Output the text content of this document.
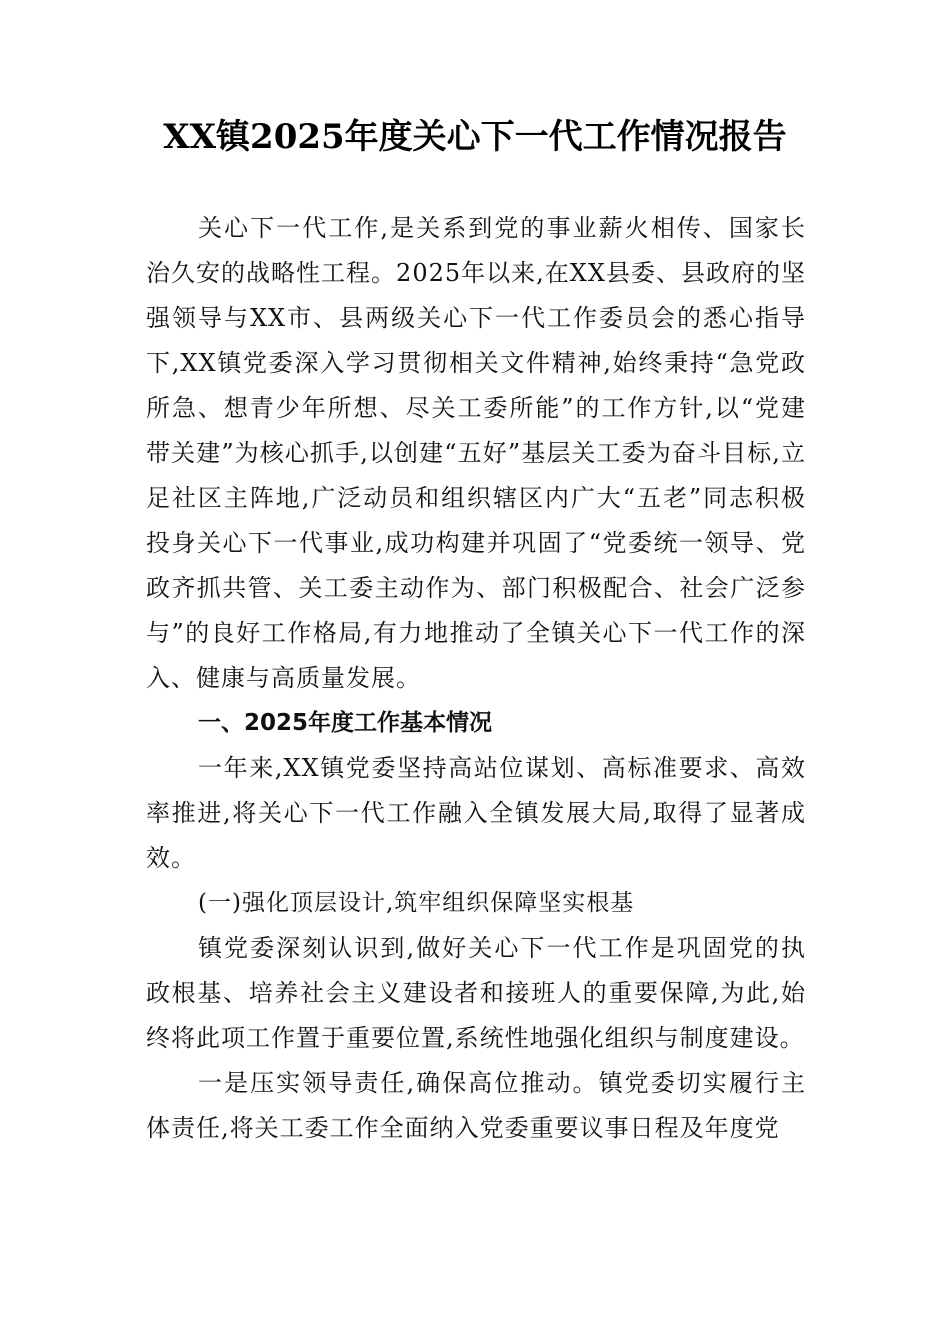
XX镇2025年度关心下一代工作情况报告

关心下一代工作,是关系到党的事业薪火相传、国家长治久安的战略性工程。2025年以来,在XX县委、县政府的坚强领导与XX市、县两级关心下一代工作委员会的悉心指导下,XX镇党委深入学习贯彻相关文件精神,始终秉持“急党政所急、想青少年所想、尽关工委所能”的工作方针,以“党建带关建”为核心抓手,以创建“五好”基层关工委为奋斗目标,立足社区主阵地,广泛动员和组织辖区内广大“五老”同志积极投身关心下一代事业,成功构建并巩固了“党委统一领导、党政齐抓共管、关工委主动作为、部门积极配合、社会广泛参与”的良好工作格局,有力地推动了全镇关心下一代工作的深入、健康与高质量发展。

一、2025年度工作基本情况

一年来,XX镇党委坚持高站位谋划、高标准要求、高效率推进,将关心下一代工作融入全镇发展大局,取得了显著成效。

(一)强化顶层设计,筑牢组织保障坚实根基

镇党委深刻认识到,做好关心下一代工作是巩固党的执政根基、培养社会主义建设者和接班人的重要保障,为此,始终将此项工作置于重要位置,系统性地强化组织与制度建设。

一是压实领导责任,确保高位推动。镇党委切实履行主体责任,将关工委工作全面纳入党委重要议事日程及年度党
